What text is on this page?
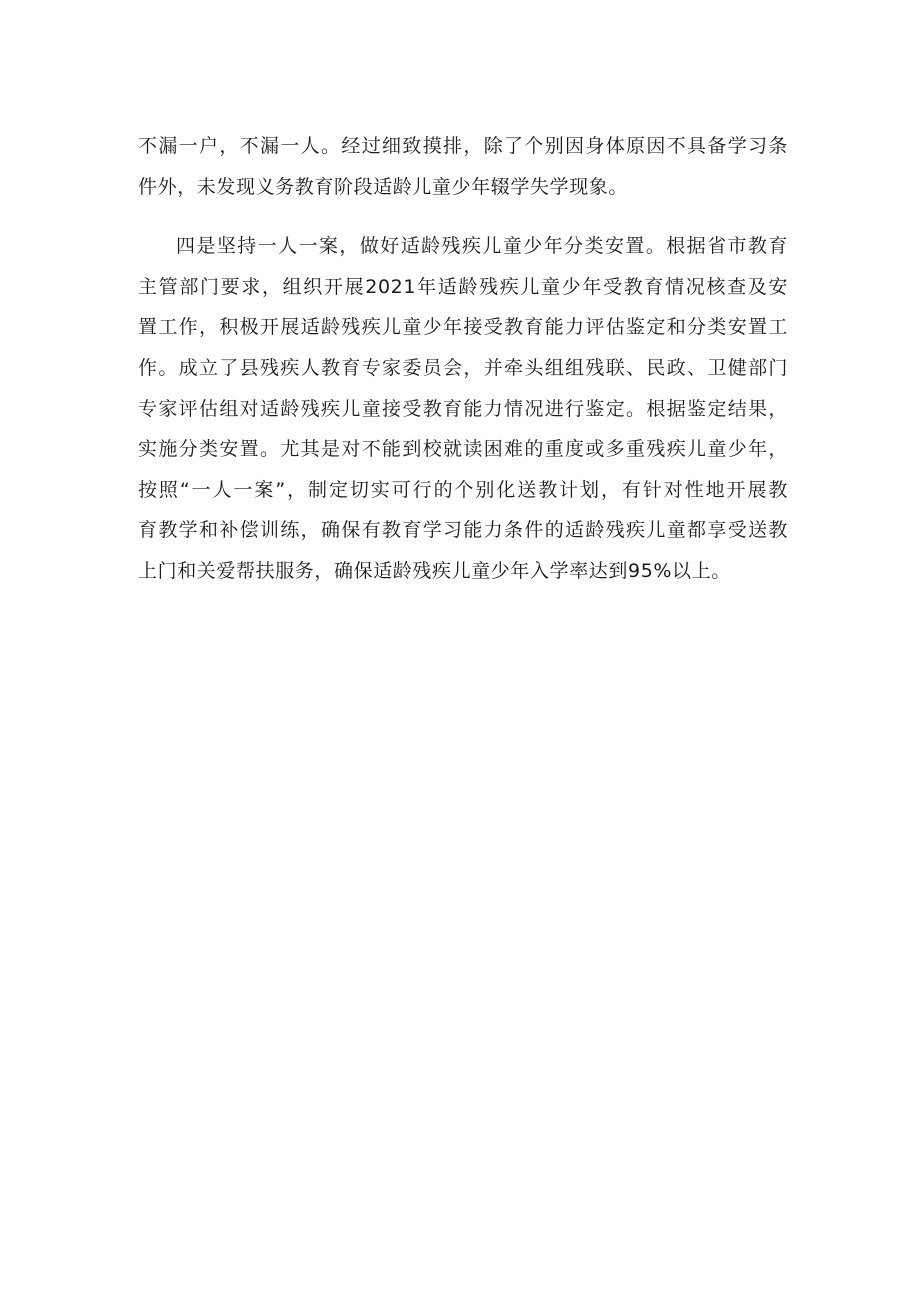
不漏一户，不漏一人。经过细致摸排，除了个别因身体原因不具备学习条
件外，未发现义务教育阶段适龄儿童少年辍学失学现象。
四是坚持一人一案，做好适龄残疾儿童少年分类安置。根据省市教育
主管部门要求，组织开展2021年适龄残疾儿童少年受教育情况核查及安
置工作，积极开展适龄残疾儿童少年接受教育能力评估鉴定和分类安置工
作。成立了县残疾人教育专家委员会，并牵头组组残联、民政、卫健部门
专家评估组对适龄残疾儿童接受教育能力情况进行鉴定。根据鉴定结果，
实施分类安置。尤其是对不能到校就读困难的重度或多重残疾儿童少年，
按照“一人一案”，制定切实可行的个别化送教计划，有针对性地开展教
育教学和补偿训练，确保有教育学习能力条件的适龄残疾儿童都享受送教
上门和关爱帮扶服务，确保适龄残疾儿童少年入学率达到95%以上。
